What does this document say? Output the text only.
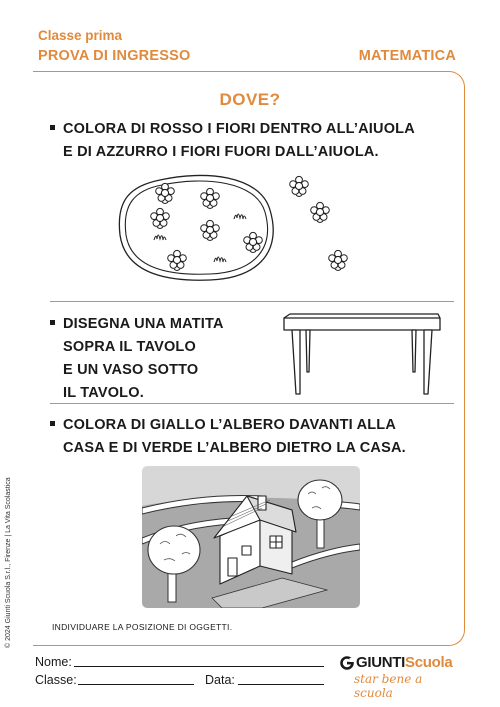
Classe prima
PROVA DI INGRESSO	MATEMATICA
DOVE?
COLORA DI ROSSO I FIORI DENTRO ALL’AIUOLA
E DI AZZURRO I FIORI FUORI DALL’AIUOLA.
DISEGNA UNA MATITA
SOPRA IL TAVOLO
E UN VASO SOTTO
IL TAVOLO.
COLORA DI GIALLO L’ALBERO DAVANTI ALLA
CASA E DI VERDE L’ALBERO DIETRO LA CASA.
INDIVIDUARE LA POSIZIONE DI OGGETTI.
© 2024 Giunti Scuola S.r.l., Firenze | La Vita Scolastica
Nome:
Classe:	Data:
GIUNTIScuola
star bene a scuola
